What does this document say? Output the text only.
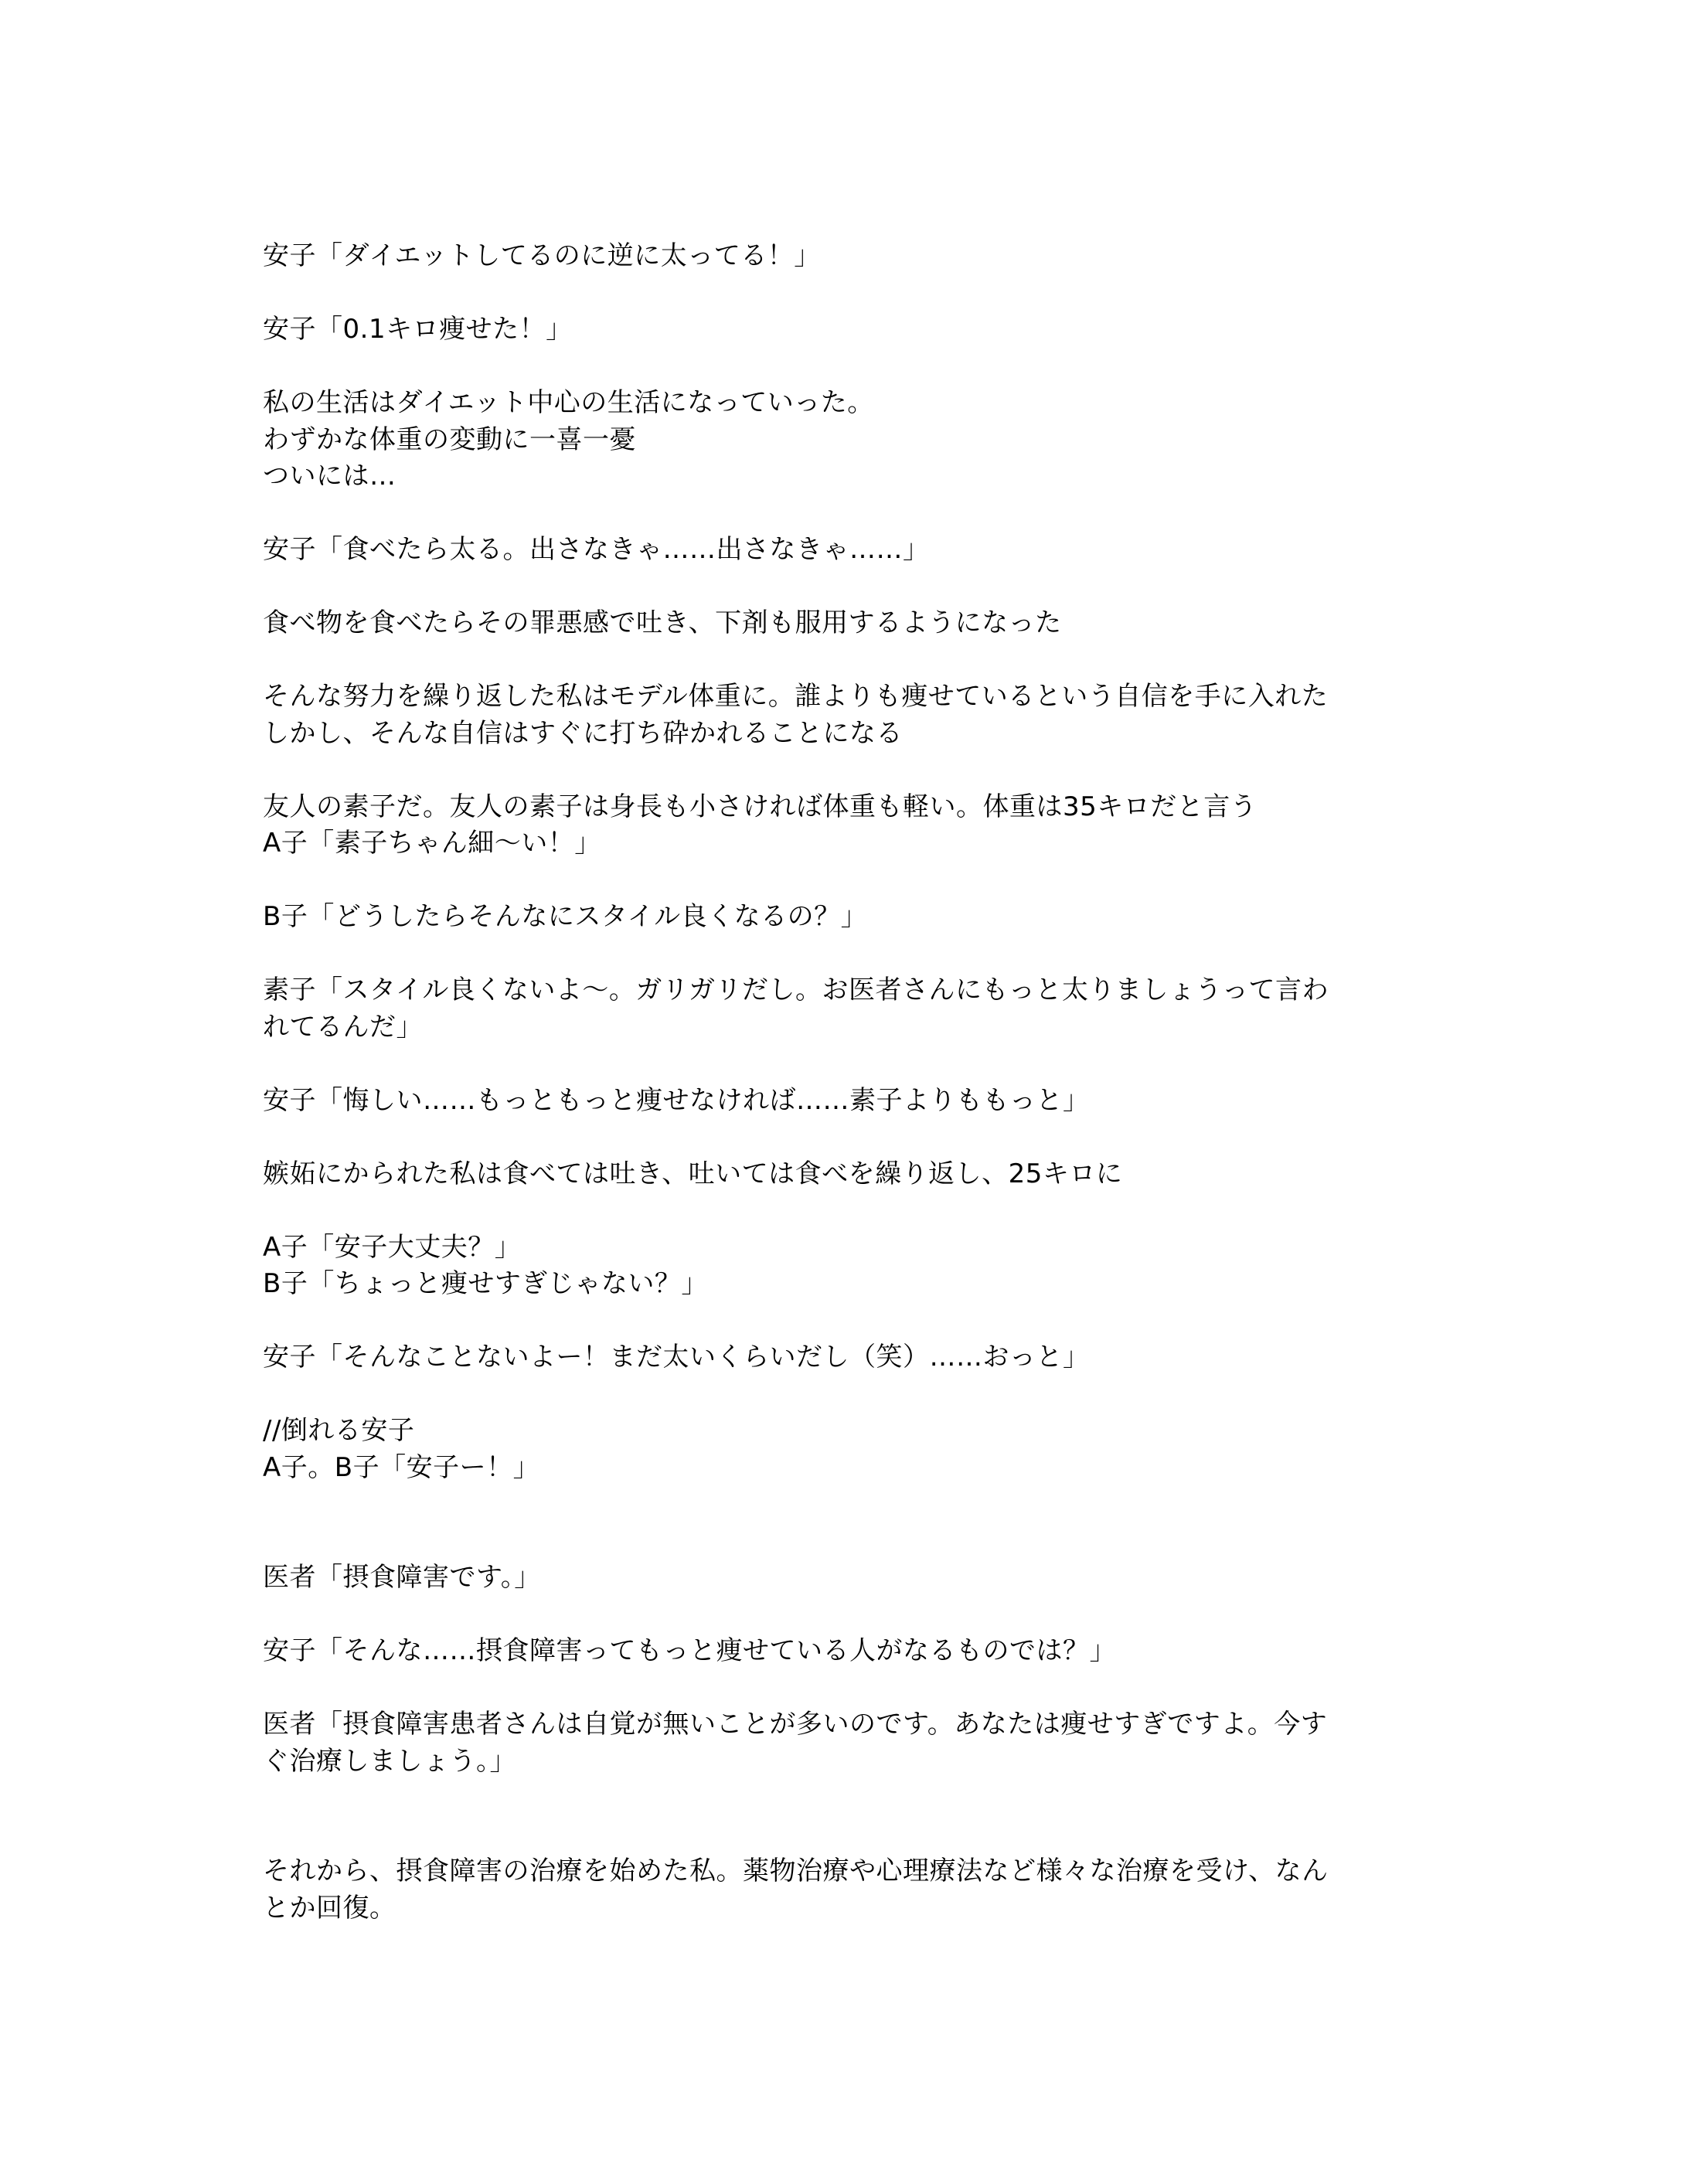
安子「ダイエットしてるのに逆に太ってる！」
安子「0.1キロ痩せた！」
私の生活はダイエット中心の生活になっていった。
わずかな体重の変動に一喜一憂
ついには…
安子「食べたら太る。出さなきゃ……出さなきゃ……」
食べ物を食べたらその罪悪感で吐き、下剤も服用するようになった
そんな努力を繰り返した私はモデル体重に。誰よりも痩せているという自信を手に入れた
しかし、そんな自信はすぐに打ち砕かれることになる
友人の素子だ。友人の素子は身長も小さければ体重も軽い。体重は35キロだと言う
A子「素子ちゃん細～い！」
B子「どうしたらそんなにスタイル良くなるの？」
素子「スタイル良くないよ～。ガリガリだし。お医者さんにもっと太りましょうって言わ
れてるんだ」
安子「悔しい……もっともっと痩せなければ……素子よりももっと」
嫉妬にかられた私は食べては吐き、吐いては食べを繰り返し、25キロに
A子「安子大丈夫？」
B子「ちょっと痩せすぎじゃない？」
安子「そんなことないよー！まだ太いくらいだし（笑）……おっと」
//倒れる安子
A子。B子「安子ー！」
医者「摂食障害です。」
安子「そんな……摂食障害ってもっと痩せている人がなるものでは？」
医者「摂食障害患者さんは自覚が無いことが多いのです。あなたは痩せすぎですよ。今す
ぐ治療しましょう。」
それから、摂食障害の治療を始めた私。薬物治療や心理療法など様々な治療を受け、なん
とか回復。
